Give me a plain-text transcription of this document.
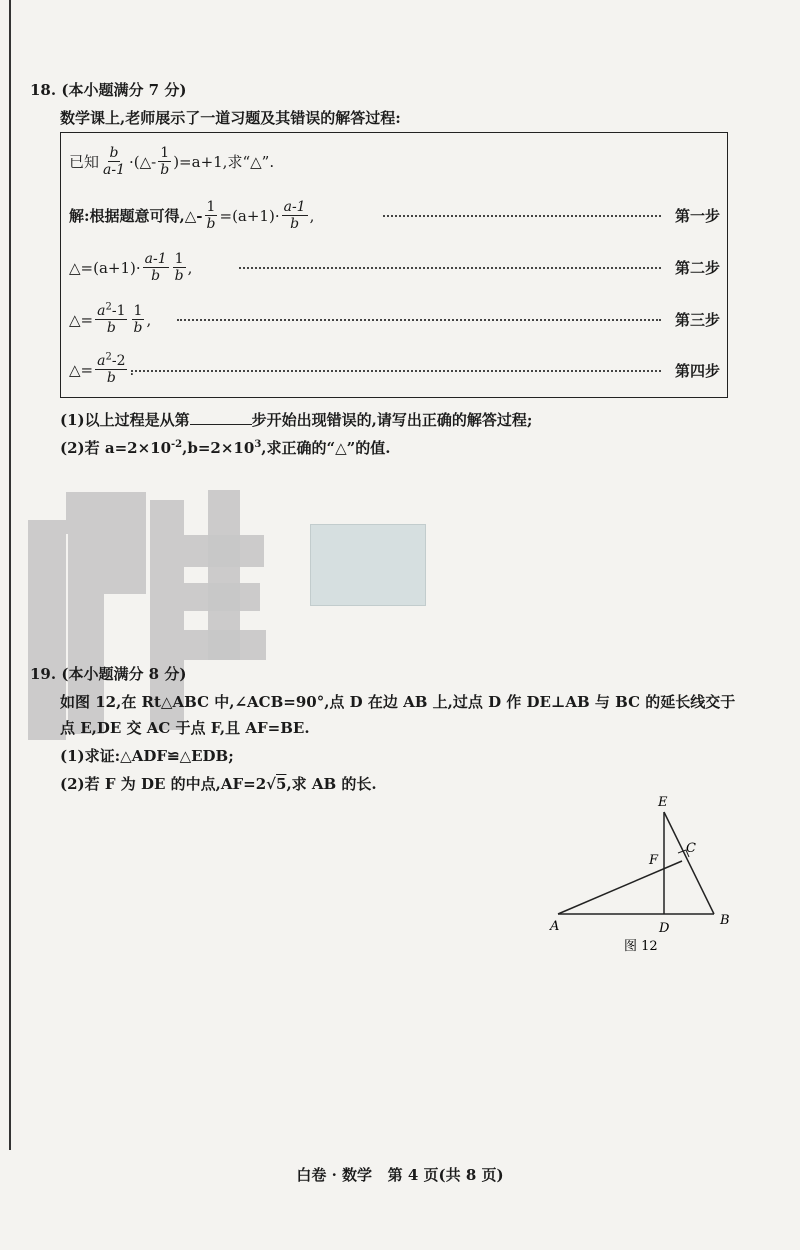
18. (本小题满分 7 分)
数学课上,老师展示了一道习题及其错误的解答过程:
已知 $\frac{b}{a-1}$ ·(△- $\frac{1}{b} )=a+1$,求“△”.
解:根据题意可得,△- $\frac{1}{b} =(a+1)\cdot \frac{a-1}{b}$ ,	第一步
△=(a+1)· $\frac{a-1}{b} \frac{1}{b}$ ,	第二步
△= $\frac{a^2-1}{b} \frac{1}{b}$ ,	第三步
△= $\frac{a^2-2}{b}$ .	第四步
(1)以上过程是从第	步开始出现错误的,请写出正确的解答过程;
(2)若 $a=2\times 10^{-2},b=2\times 10^3$,求正确的“△”的值.
19. (本小题满分 8 分)
如图 12,在 Rt△ABC 中,∠ACB=90°,点 D 在边 AB 上,过点 D 作 DE⊥AB 与 BC 的延长线交于
点 E,DE 交 AC 于点 F,且 AF=BE.
(1)求证:△ADF≌△EDB;
(2)若 F 为 DE 的中点,AF=2√5,求 AB 的长.
A	B
C
D
E
F
图 12
白卷 · 数学   第 4 页(共 8 页)
